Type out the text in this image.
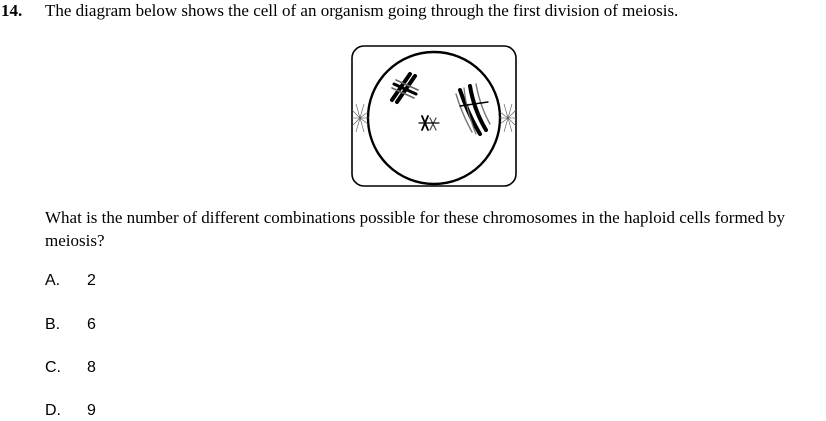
14. The diagram below shows the cell of an organism going through the first division of meiosis.
What is the number of different combinations possible for these chromosomes in the haploid cells formed by meiosis?
A.	2
B.	6
C.	8
D.	9
